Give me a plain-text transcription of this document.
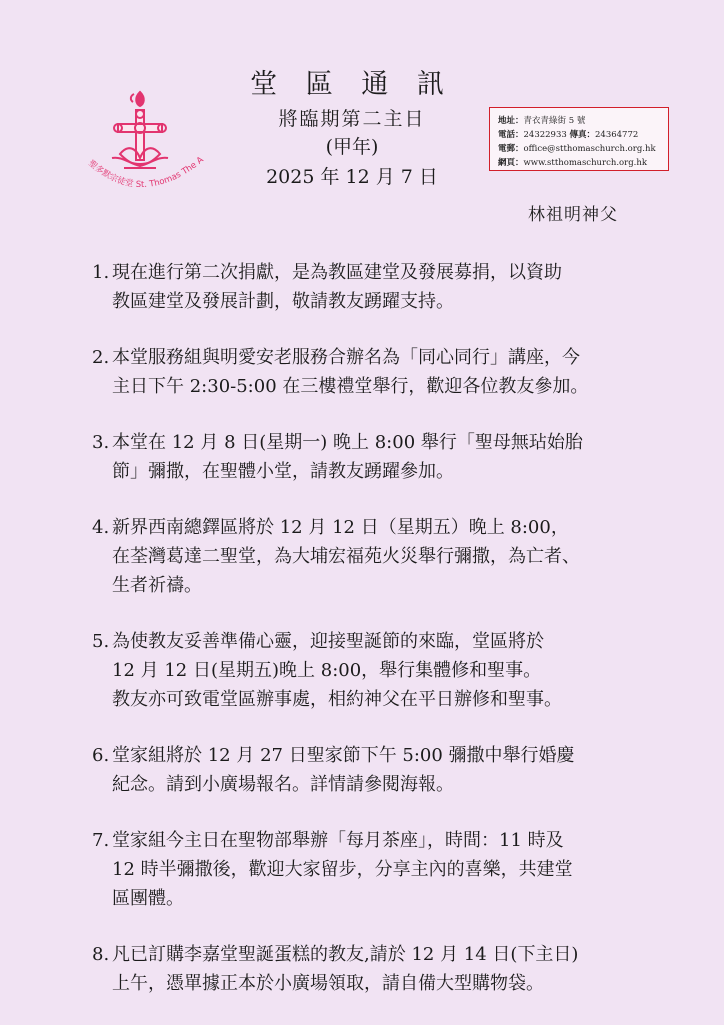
聖多默宗徒堂 St. Thomas The A
堂 區 通 訊
將臨期第二主日
(甲年)
2025 年 12 月 7 日
地址：青衣青綠街 5 號
電話：24322933 傳真：24364772
電郵：office@stthomaschurch.org.hk
網頁：www.stthomaschurch.org.hk
林祖明神父
1. 現在進行第二次捐獻，是為教區建堂及發展募捐，以資助
教區建堂及發展計劃，敬請教友踴躍支持。
2. 本堂服務組與明愛安老服務合辦名為「同心同行」講座，今
主日下午 2:30-5:00 在三樓禮堂舉行，歡迎各位教友參加。
3. 本堂在 12 月 8 日(星期一) 晚上 8:00 舉行「聖母無玷始胎
節」彌撒，在聖體小堂，請教友踴躍參加。
4. 新界西南總鐸區將於 12 月 12 日（星期五）晚上 8:00，
在荃灣葛達二聖堂，為大埔宏福苑火災舉行彌撒，為亡者、
生者祈禱。
5. 為使教友妥善準備心靈，迎接聖誕節的來臨，堂區將於
12 月 12 日(星期五)晚上 8:00，舉行集體修和聖事。
教友亦可致電堂區辦事處，相約神父在平日辦修和聖事。
6. 堂家組將於 12 月 27 日聖家節下午 5:00 彌撒中舉行婚慶
紀念。請到小廣場報名。詳情請參閱海報。
7. 堂家組今主日在聖物部舉辦「每月茶座」，時間：11 時及
12 時半彌撒後，歡迎大家留步，分享主內的喜樂，共建堂
區團體。
8. 凡已訂購李嘉堂聖誕蛋糕的教友,請於 12 月 14 日(下主日)
上午，憑單據正本於小廣場領取，請自備大型購物袋。
